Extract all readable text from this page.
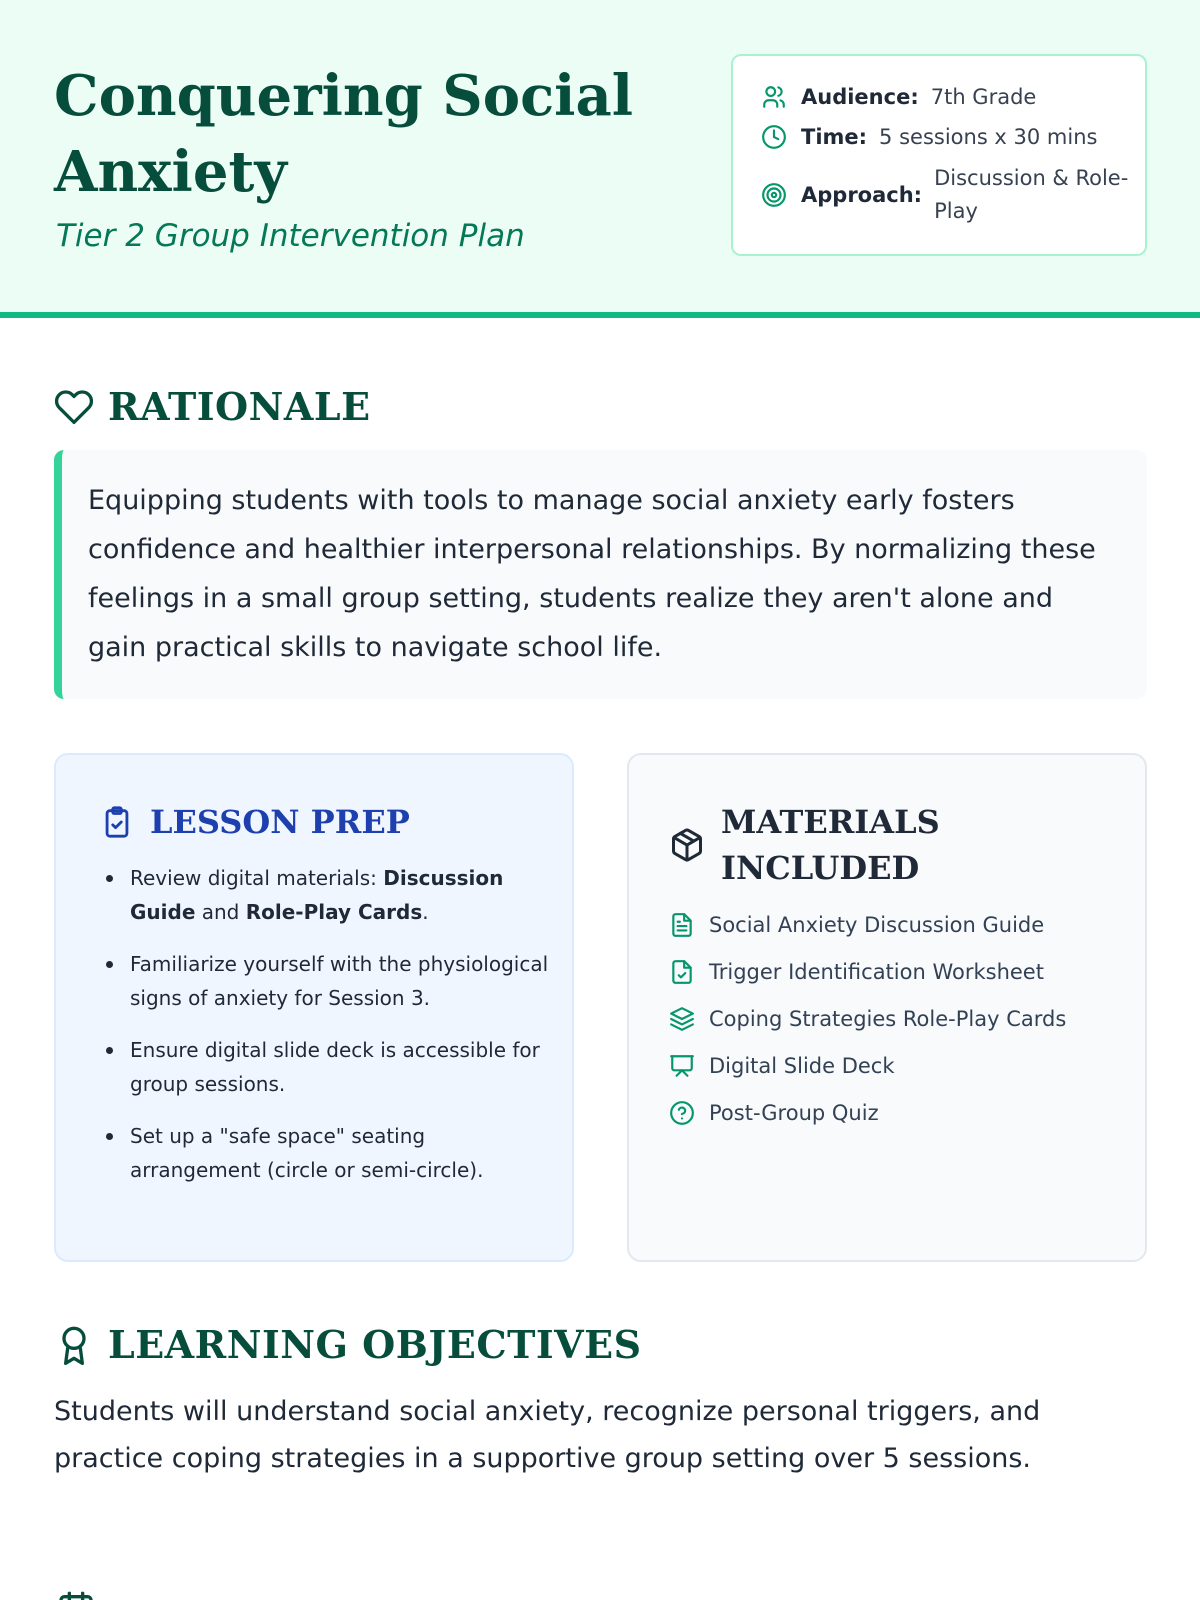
Conquering Social Anxiety
Tier 2 Group Intervention Plan
Audience: 7th Grade
Time: 5 sessions x 30 mins
Approach:
Discussion & Role-Play
RATIONALE

Equipping students with tools to manage social anxiety early fosters confidence and healthier interpersonal relationships. By normalizing these feelings in a small group setting, students realize they aren't alone and gain practical skills to navigate school life.

LESSON PREP
Review digital materials: Discussion Guide and Role-Play Cards.
Familiarize yourself with the physiological signs of anxiety for Session 3.
Ensure digital slide deck is accessible for group sessions.
Set up a "safe space" seating arrangement (circle or semi-circle).
MATERIALS INCLUDED
Social Anxiety Discussion Guide
Trigger Identification Worksheet
Coping Strategies Role-Play Cards
Digital Slide Deck
Post-Group Quiz
LEARNING OBJECTIVES

Students will understand social anxiety, recognize personal triggers, and practice coping strategies in a supportive group setting over 5 sessions.
